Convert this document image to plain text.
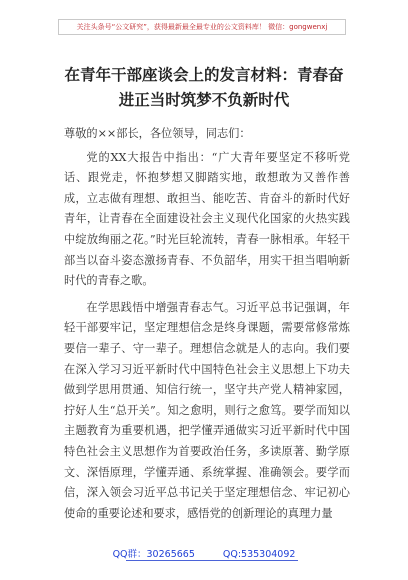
关注头条号“公文研究”，获得最新最全最专业的公文资料库！ 微信：gongwenxj
在青年干部座谈会上的发言材料：青春奋
进正当时筑梦不负新时代

尊敬的××部长，各位领导，同志们：

党的XX大报告中指出：“广大青年要坚定不移听党话、跟党走，怀抱梦想又脚踏实地，敢想敢为又善作善成，立志做有理想、敢担当、能吃苦、肯奋斗的新时代好青年，让青春在全面建设社会主义现代化国家的火热实践中绽放绚丽之花。”时光巨轮流转，青春一脉相承。年轻干部当以奋斗姿态激扬青春、不负韶华，用实干担当唱响新时代的青春之歌。

在学思践悟中增强青春志气。习近平总书记强调，年轻干部要牢记，坚定理想信念是终身课题，需要常修常炼要信一辈子、守一辈子。理想信念就是人的志向。我们要在深入学习习近平新时代中国特色社会主义思想上下功夫做到学思用贯通、知信行统一，坚守共产党人精神家园，拧好人生“总开关”。知之愈明，则行之愈笃。要学而知以主题教育为重要机遇，把学懂弄通做实习近平新时代中国特色社会主义思想作为首要政治任务，多读原著、勤学原文、深悟原理，学懂弄通、系统掌握、准确领会。要学而信，深入领会习近平总书记关于坚定理想信念、牢记初心使命的重要论述和要求，感悟党的创新理论的真理力量

QQ群：30265665	QQ:535304092
